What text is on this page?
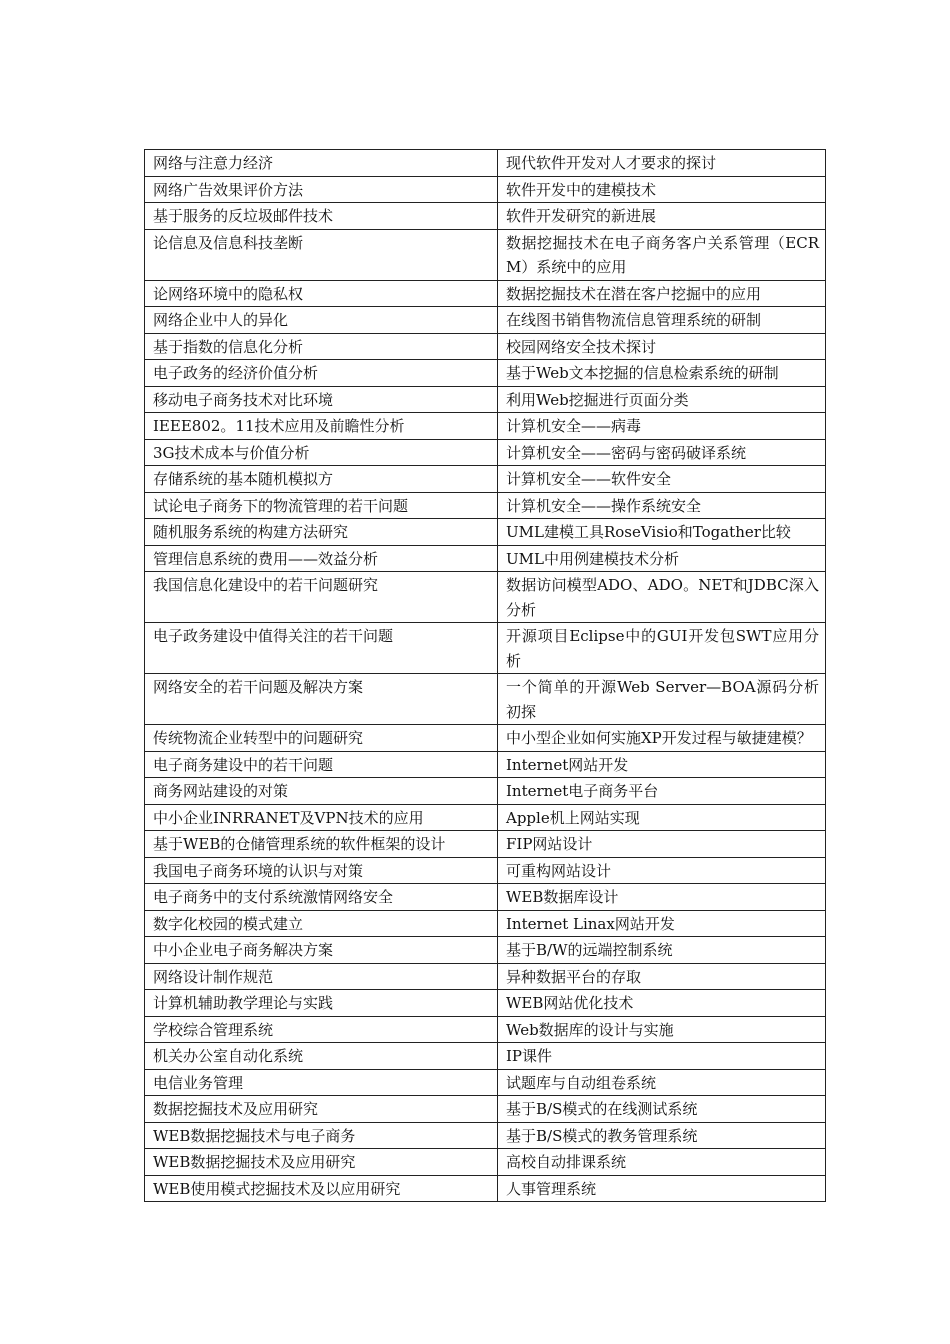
网络与注意力经济	现代软件开发对人才要求的探讨
网络广告效果评价方法	软件开发中的建模技术
基于服务的反垃圾邮件技术	软件开发研究的新进展
论信息及信息科技垄断	数据挖掘技术在电子商务客户关系管理（ECRM）系统中的应用
论网络环境中的隐私权	数据挖掘技术在潜在客户挖掘中的应用
网络企业中人的异化	在线图书销售物流信息管理系统的研制
基于指数的信息化分析	校园网络安全技术探讨
电子政务的经济价值分析	基于Web文本挖掘的信息检索系统的研制
移动电子商务技术对比环境	利用Web挖掘进行页面分类
IEEE802。11技术应用及前瞻性分析	计算机安全——病毒
3G技术成本与价值分析	计算机安全——密码与密码破译系统
存储系统的基本随机模拟方	计算机安全——软件安全
试论电子商务下的物流管理的若干问题	计算机安全——操作系统安全
随机服务系统的构建方法研究	UML建模工具RoseVisio和Togather比较
管理信息系统的费用——效益分析	UML中用例建模技术分析
我国信息化建设中的若干问题研究	数据访问模型ADO、ADO。NET和JDBC深入分析
电子政务建设中值得关注的若干问题	开源项目Eclipse中的GUI开发包SWT应用分析
网络安全的若干问题及解决方案	一个简单的开源Web Server—BOA源码分析初探
传统物流企业转型中的问题研究	中小型企业如何实施XP开发过程与敏捷建模？
电子商务建设中的若干问题	Internet网站开发
商务网站建设的对策	Internet电子商务平台
中小企业INRRANET及VPN技术的应用	Apple机上网站实现
基于WEB的仓储管理系统的软件框架的设计	FIP网站设计
我国电子商务环境的认识与对策	可重构网站设计
电子商务中的支付系统激情网络安全	WEB数据库设计
数字化校园的模式建立	Internet Linax网站开发
中小企业电子商务解决方案	基于B/W的远端控制系统
网络设计制作规范	异种数据平台的存取
计算机辅助教学理论与实践	WEB网站优化技术
学校综合管理系统	Web数据库的设计与实施
机关办公室自动化系统	IP课件
电信业务管理	试题库与自动组卷系统
数据挖掘技术及应用研究	基于B/S模式的在线测试系统
WEB数据挖掘技术与电子商务	基于B/S模式的教务管理系统
WEB数据挖掘技术及应用研究	高校自动排课系统
WEB使用模式挖掘技术及以应用研究	人事管理系统
